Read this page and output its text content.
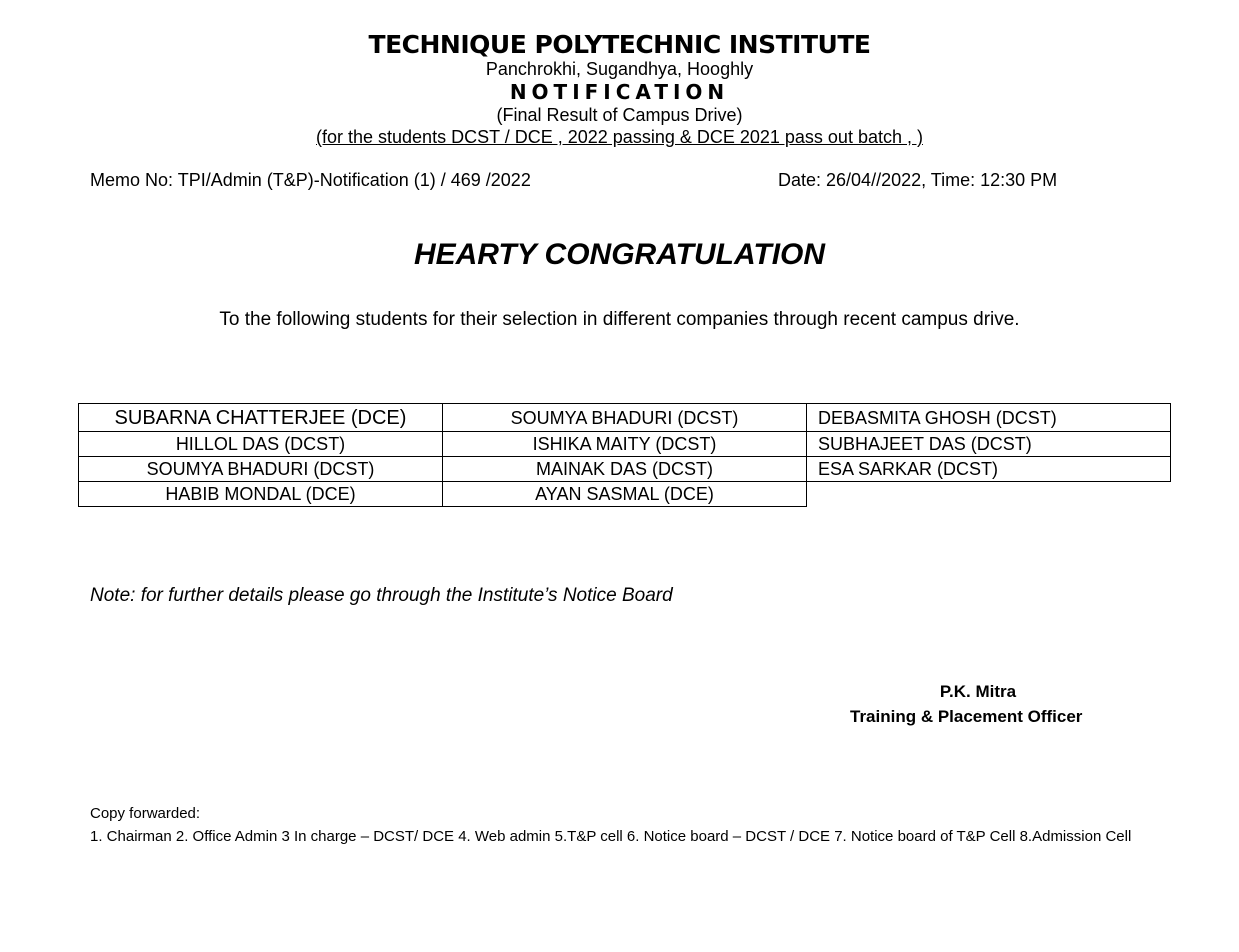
TECHNIQUE POLYTECHNIC INSTITUTE
Panchrokhi, Sugandhya, Hooghly
NOTIFICATION
(Final Result of Campus Drive)
(for the students DCST / DCE , 2022 passing & DCE 2021 pass out batch , )
Memo No: TPI/Admin (T&P)-Notification (1) / 469 /2022	Date: 26/04//2022, Time: 12:30 PM
HEARTY CONGRATULATION
To the following students for their selection in different companies through recent campus drive.
SUBARNA CHATTERJEE (DCE)	SOUMYA BHADURI (DCST)	DEBASMITA GHOSH (DCST)
HILLOL DAS (DCST)	ISHIKA MAITY (DCST)	SUBHAJEET DAS (DCST)
SOUMYA BHADURI (DCST)	MAINAK DAS (DCST)	ESA SARKAR (DCST)
HABIB MONDAL (DCE)	AYAN SASMAL (DCE)	
Note: for further details please go through the Institute’s Notice Board
P.K. Mitra
Training & Placement Officer
Copy forwarded:
1. Chairman 2. Office Admin 3 In charge – DCST/ DCE 4. Web admin 5.T&P cell 6. Notice board – DCST / DCE 7. Notice board of T&P Cell 8.Admission Cell
